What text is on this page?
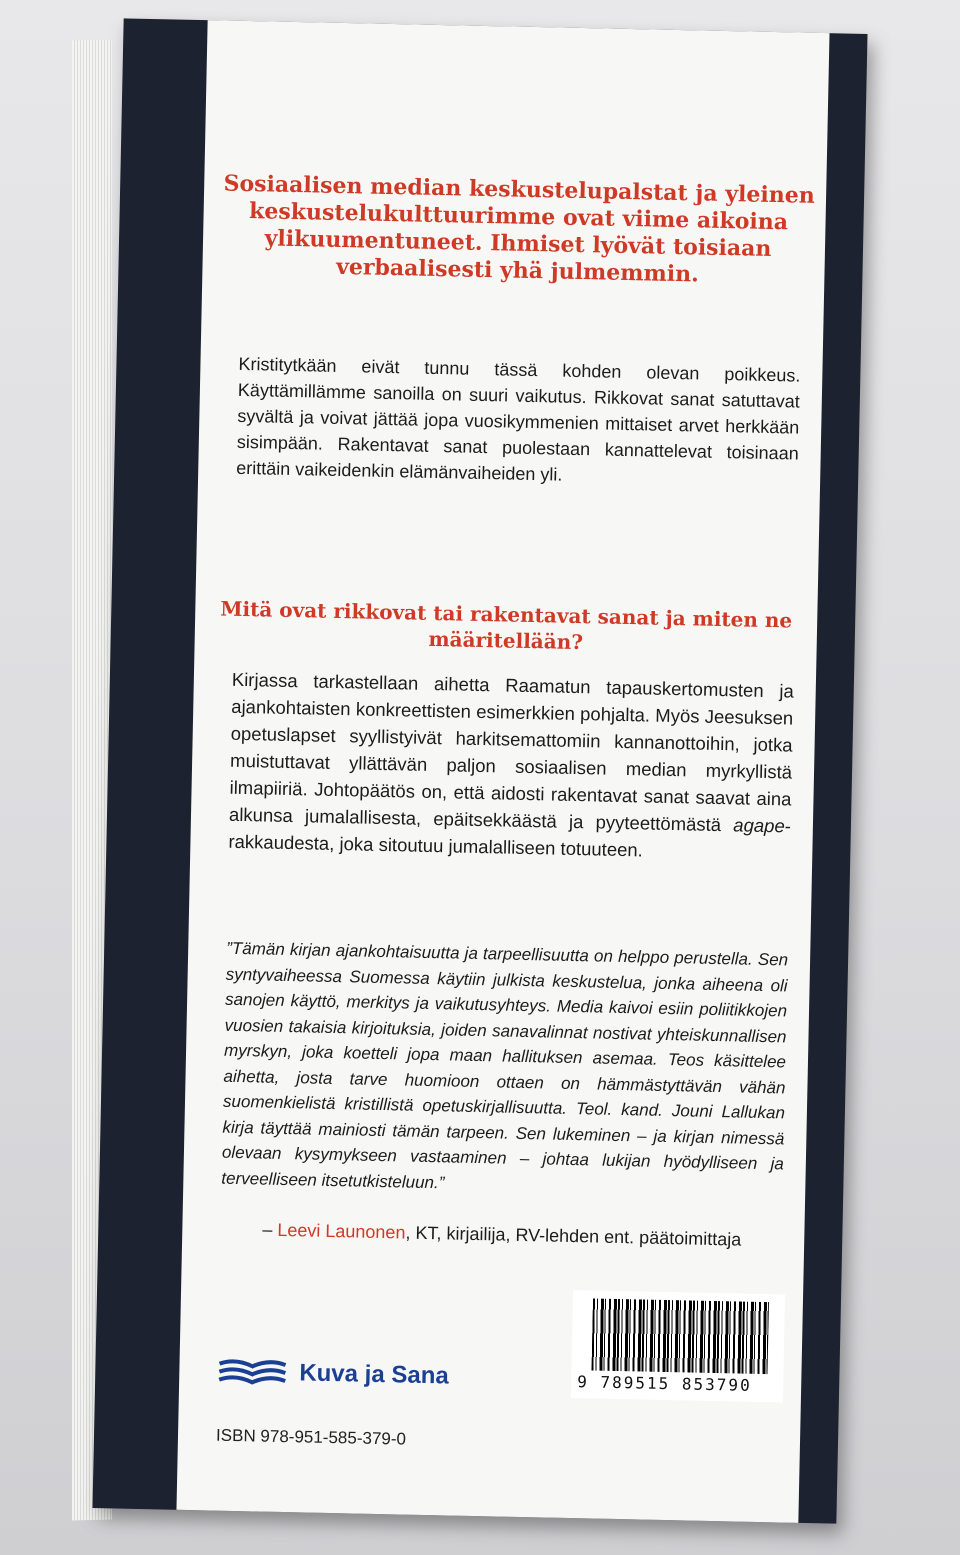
Sosiaalisen median keskustelupalstat ja yleinen keskustelukulttuurimme ovat viime aikoina ylikuumentuneet. Ihmiset lyövät toisiaan verbaalisesti yhä julmemmin.

Kristitytkään eivät tunnu tässä kohden olevan poikkeus. Käyttämillämme sanoilla on suuri vaikutus. Rikkovat sanat satuttavat syvältä ja voivat jättää jopa vuosikymmenien mittaiset arvet herkkään sisimpään. Rakentavat sanat puolestaan kannattelevat toisinaan erittäin vaikeidenkin elämänvaiheiden yli.

Mitä ovat rikkovat tai rakentavat sanat ja miten ne määritellään?

Kirjassa tarkastellaan aihetta Raamatun tapauskertomusten ja ajankohtaisten konkreettisten esimerkkien pohjalta. Myös Jeesuksen opetuslapset syyllistyivät harkitsemattomiin kannanottoihin, jotka muistuttavat yllättävän paljon sosiaalisen median myrkyllistä ilmapiiriä. Johtopäätös on, että aidosti rakentavat sanat saavat aina alkunsa jumalallisesta, epäitsekkäästä ja pyyteettömästä agape-rakkaudesta, joka sitoutuu jumalalliseen totuuteen.

”Tämän kirjan ajankohtaisuutta ja tarpeellisuutta on helppo perustella. Sen syntyvaiheessa Suomessa käytiin julkista keskustelua, jonka aiheena oli sanojen käyttö, merkitys ja vaikutusyhteys. Media kaivoi esiin poliitikkojen vuosien takaisia kirjoituksia, joiden sanavalinnat nostivat yhteiskunnallisen myrskyn, joka koetteli jopa maan hallituksen asemaa. Teos käsittelee aihetta, josta tarve huomioon ottaen on hämmästyttävän vähän suomenkielistä kristillistä opetuskirjallisuutta. Teol. kand. Jouni Lallukan kirja täyttää mainiosti tämän tarpeen. Sen lukeminen – ja kirjan nimessä olevaan kysymykseen vastaaminen – johtaa lukijan hyödylliseen ja terveelliseen itsetutkisteluun.”

– Leevi Launonen, KT, kirjailija, RV-lehden ent. päätoimittaja
Kuva ja Sana
ISBN 978-951-585-379-0
9 789515 853790
